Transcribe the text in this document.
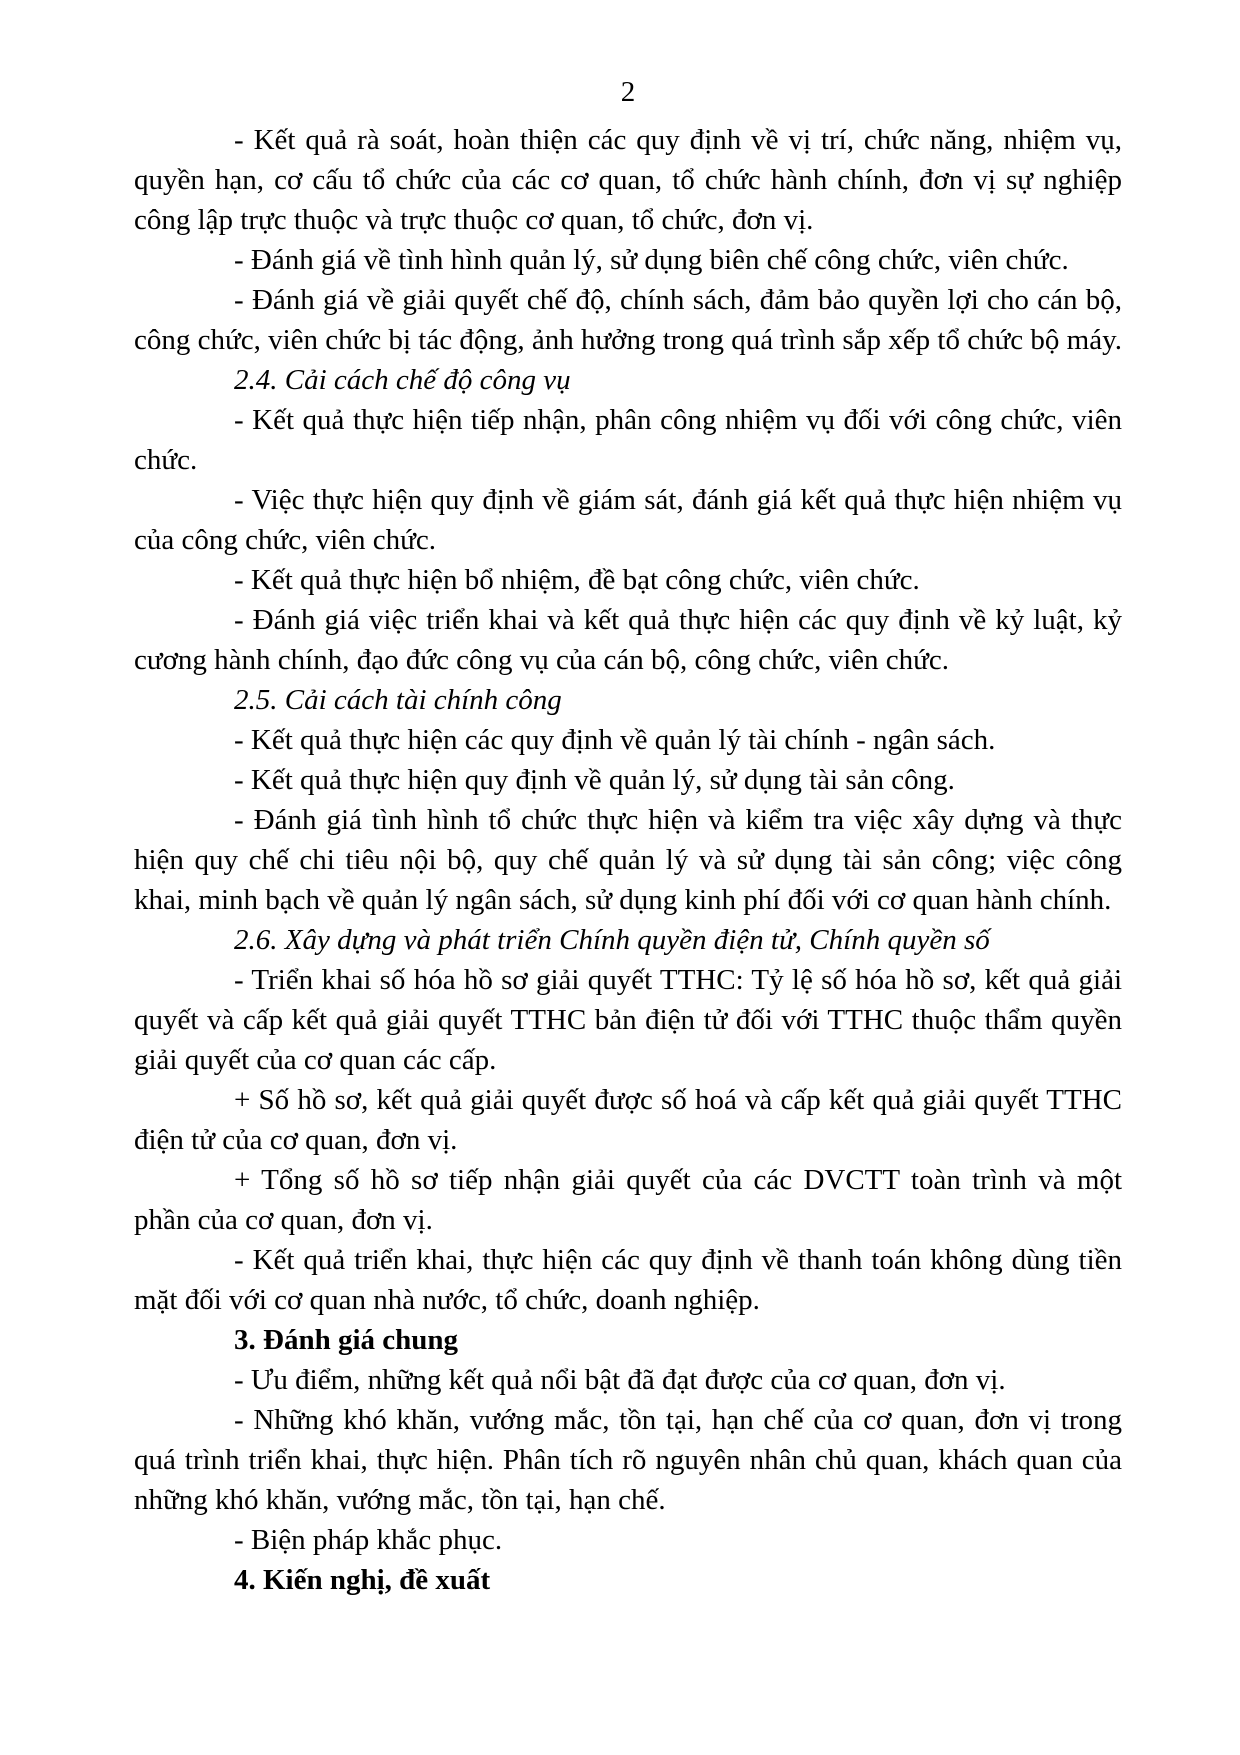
2

- Kết quả rà soát, hoàn thiện các quy định về vị trí, chức năng, nhiệm vụ, quyền hạn, cơ cấu tổ chức của các cơ quan, tổ chức hành chính, đơn vị sự nghiệp công lập trực thuộc và trực thuộc cơ quan, tổ chức, đơn vị.

- Đánh giá về tình hình quản lý, sử dụng biên chế công chức, viên chức.

- Đánh giá về giải quyết chế độ, chính sách, đảm bảo quyền lợi cho cán bộ, công chức, viên chức bị tác động, ảnh hưởng trong quá trình sắp xếp tổ chức bộ máy.

2.4. Cải cách chế độ công vụ

- Kết quả thực hiện tiếp nhận, phân công nhiệm vụ đối với công chức, viên chức.

- Việc thực hiện quy định về giám sát, đánh giá kết quả thực hiện nhiệm vụ của công chức, viên chức.

- Kết quả thực hiện bổ nhiệm, đề bạt công chức, viên chức.

- Đánh giá việc triển khai và kết quả thực hiện các quy định về kỷ luật, kỷ cương hành chính, đạo đức công vụ của cán bộ, công chức, viên chức.

2.5. Cải cách tài chính công

- Kết quả thực hiện các quy định về quản lý tài chính - ngân sách.

- Kết quả thực hiện quy định về quản lý, sử dụng tài sản công.

- Đánh giá tình hình tổ chức thực hiện và kiểm tra việc xây dựng và thực hiện quy chế chi tiêu nội bộ, quy chế quản lý và sử dụng tài sản công; việc công khai, minh bạch về quản lý ngân sách, sử dụng kinh phí đối với cơ quan hành chính.

2.6. Xây dựng và phát triển Chính quyền điện tử, Chính quyền số

- Triển khai số hóa hồ sơ giải quyết TTHC: Tỷ lệ số hóa hồ sơ, kết quả giải quyết và cấp kết quả giải quyết TTHC bản điện tử đối với TTHC thuộc thẩm quyền giải quyết của cơ quan các cấp.

+ Số hồ sơ, kết quả giải quyết được số hoá và cấp kết quả giải quyết TTHC điện tử của cơ quan, đơn vị.

+ Tổng số hồ sơ tiếp nhận giải quyết của các DVCTT toàn trình và một phần của cơ quan, đơn vị.

- Kết quả triển khai, thực hiện các quy định về thanh toán không dùng tiền mặt đối với cơ quan nhà nước, tổ chức, doanh nghiệp.

3. Đánh giá chung

- Ưu điểm, những kết quả nổi bật đã đạt được của cơ quan, đơn vị.

- Những khó khăn, vướng mắc, tồn tại, hạn chế của cơ quan, đơn vị trong quá trình triển khai, thực hiện. Phân tích rõ nguyên nhân chủ quan, khách quan của những khó khăn, vướng mắc, tồn tại, hạn chế.

- Biện pháp khắc phục.

4. Kiến nghị, đề xuất
